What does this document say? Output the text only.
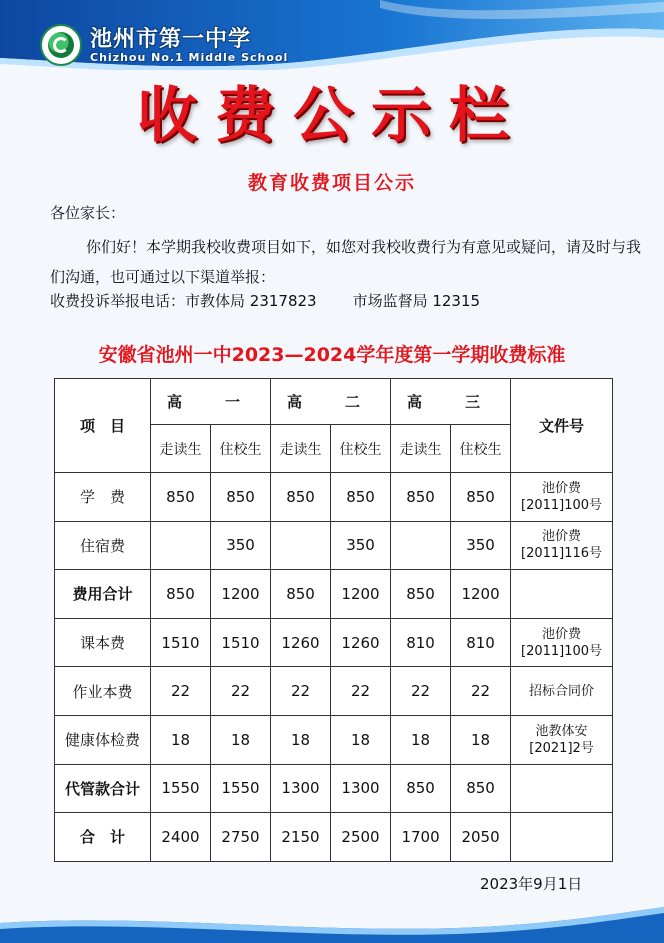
池州市第一中学
Chizhou No.1 Middle School
收费公示栏
教育收费项目公示
各位家长：
你们好！本学期我校收费项目如下，如您对我校收费行为有意见或疑问，请及时与我们沟通，也可通过以下渠道举报：
收费投诉举报电话：市教体局 2317823 市场监督局 12315
安徽省池州一中2023—2024学年度第一学期收费标准
项　目	高　一		高　二		高　三		文件号
	走读生	住校生	走读生	住校生	走读生	住校生	
学　费	850	850	850	850	850	850	池价费[2011]100号
住宿费		350		350		350	池价费[2011]116号
费用合计	850	1200	850	1200	850	1200	
课本费	1510	1510	1260	1260	810	810	池价费[2011]100号
作业本费	22	22	22	22	22	22	招标合同价
健康体检费	18	18	18	18	18	18	池教体安[2021]2号
代管款合计	1550	1550	1300	1300	850	850	
合　计	2400	2750	2150	2500	1700	2050	
2023年9月1日
